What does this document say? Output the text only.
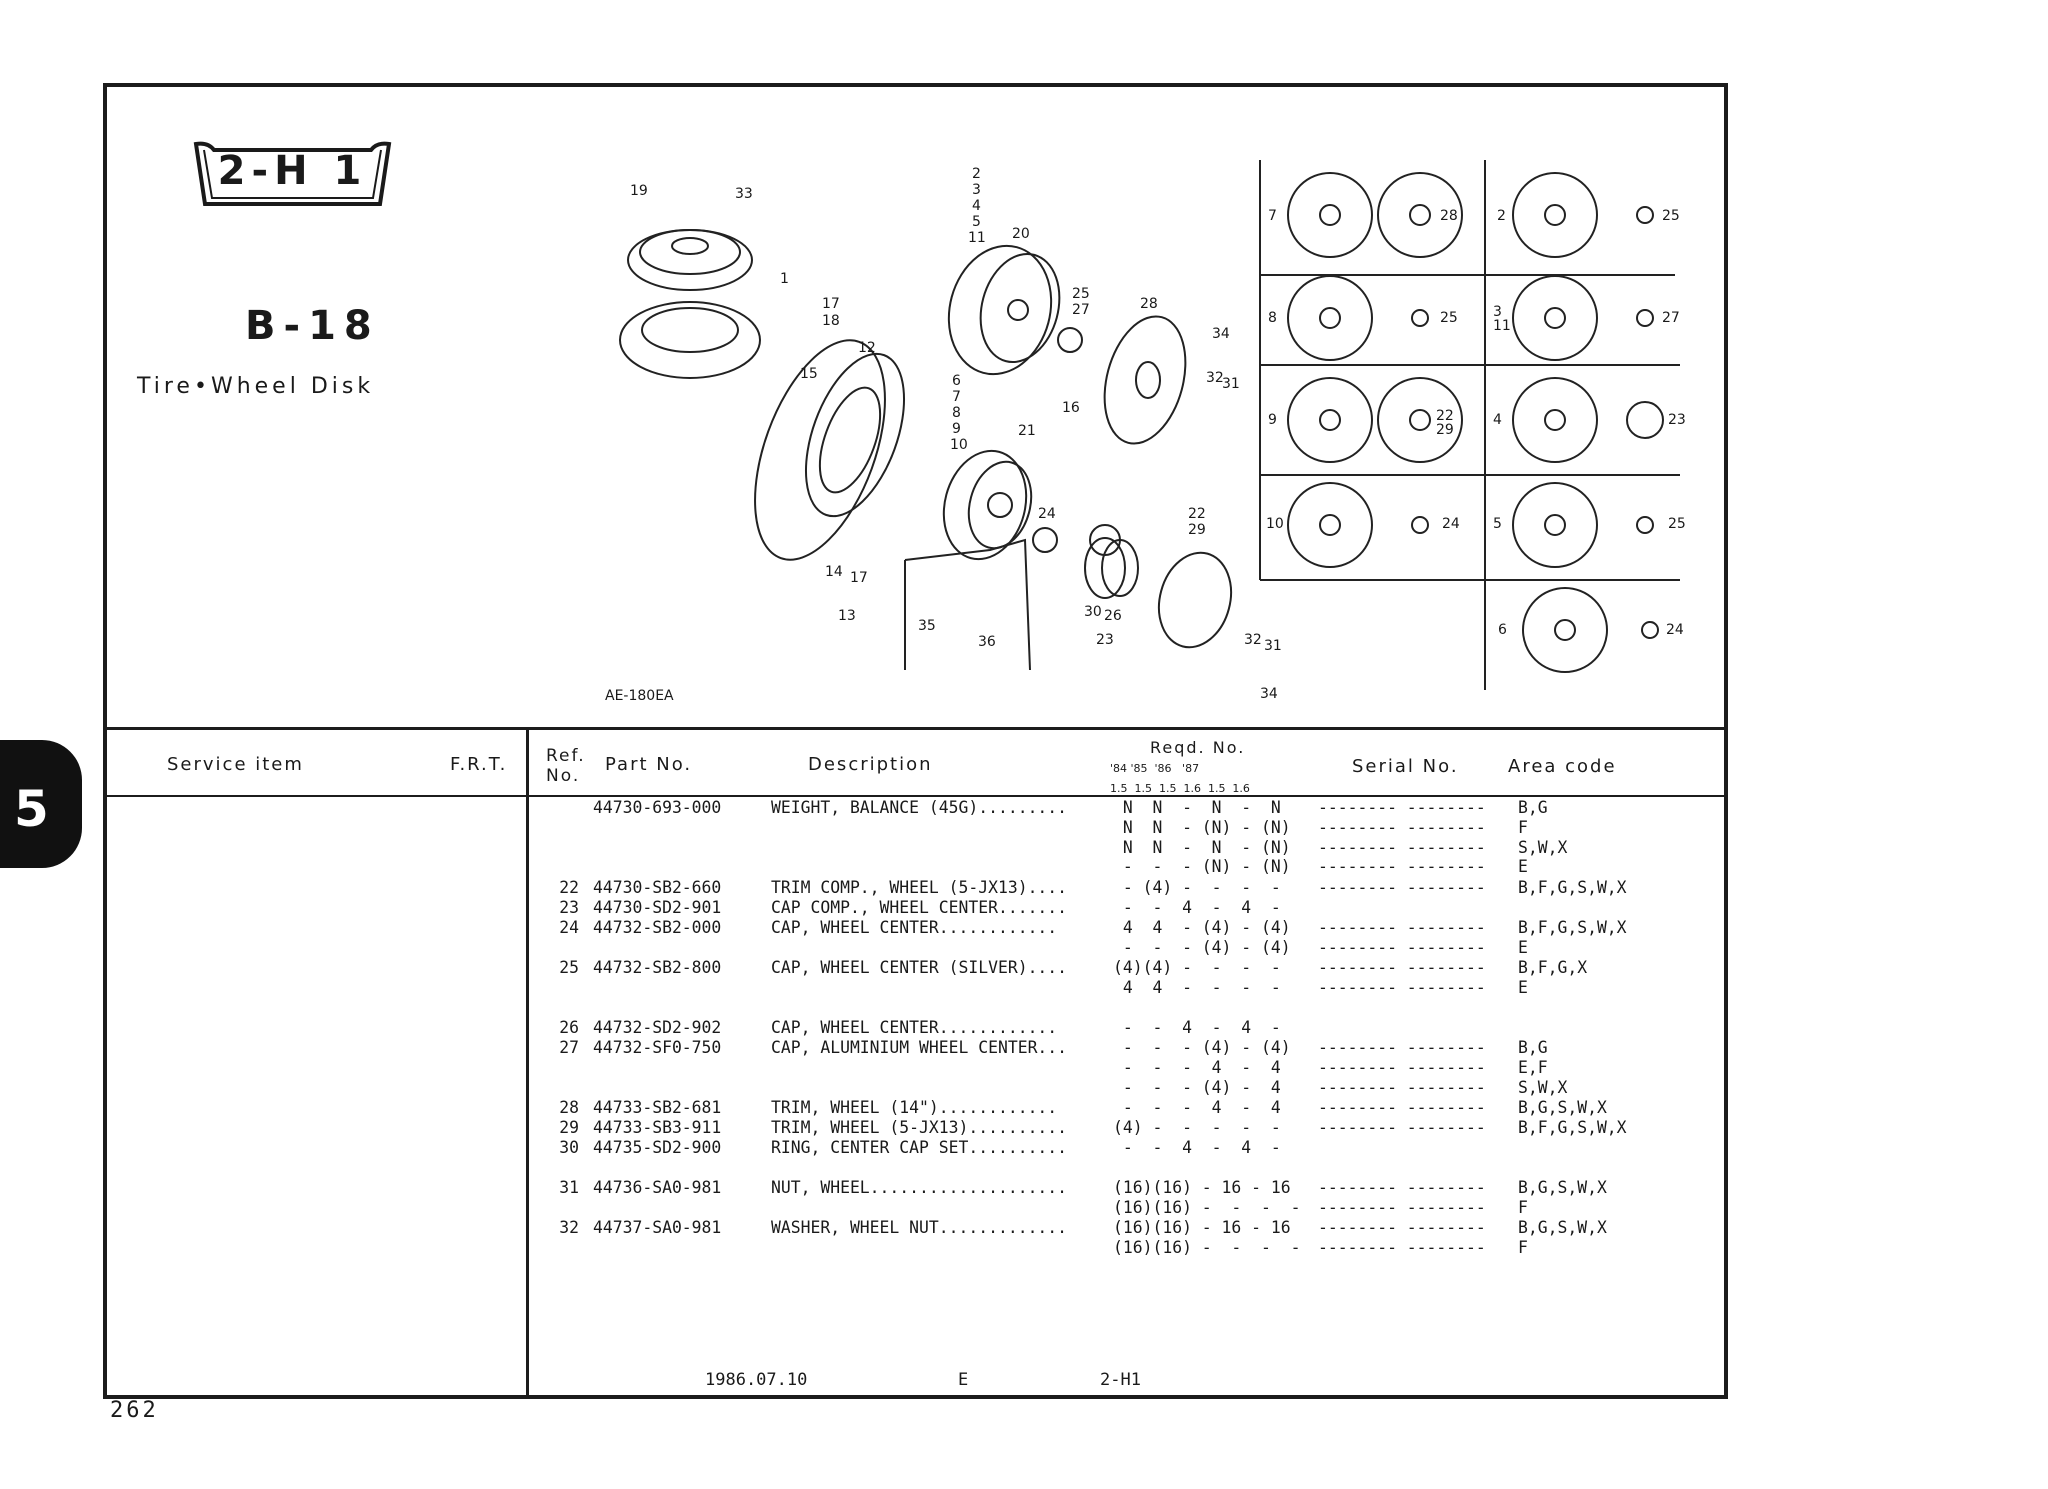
2-H 1
B-18
Tire•Wheel Disk
5
19	33
1
17
18
12
15
2
3
4
5
11 20
25
27
16
6
7
8
9
10
21
24
14 17
13
35
36
28
34
32
31
30 26
23
22
29
32 31
34
7	28	2	25
8	25	3
11	27
9	22
29
4	23
10	24 5	25
6	24
AE-180EA
Service item	F.R.T. Ref.
No.
Part No.	Description
Reqd. No.
'84 '85  '86   '87
1.5  1.5  1.5  1.6  1.5  1.6
Serial No.	Area code
44730-693-000	WEIGHT, BALANCE (45G).........	N  N  -  N  -  N -------- -------- B,G
N  N  - (N) - (N) -------- -------- F
N  N  -  N  - (N) -------- -------- S,W,X
-  -  - (N) - (N) -------- -------- E
22 44730-SB2-660	TRIM COMP., WHEEL (5-JX13)....	- (4) -  -  -  - -------- -------- B,F,G,S,W,X
23 44730-SD2-901	CAP COMP., WHEEL CENTER.......	-  -  4  -  4  -
24 44732-SB2-000	CAP, WHEEL CENTER............	4  4  - (4) - (4) -------- -------- B,F,G,S,W,X
-  -  - (4) - (4) -------- -------- E
25 44732-SB2-800	CAP, WHEEL CENTER (SILVER)....	(4)(4) -  -  -  - -------- -------- B,F,G,X
4  4  -  -  -  - -------- -------- E
26 44732-SD2-902	CAP, WHEEL CENTER............	-  -  4  -  4  -
27 44732-SF0-750	CAP, ALUMINIUM WHEEL CENTER...	-  -  - (4) - (4) -------- -------- B,G
-  -  -  4  -  4 -------- -------- E,F
-  -  - (4) -  4 -------- -------- S,W,X
28 44733-SB2-681	TRIM, WHEEL (14")............	-  -  -  4  -  4 -------- -------- B,G,S,W,X
29 44733-SB3-911	TRIM, WHEEL (5-JX13)..........	(4) -  -  -  -  - -------- -------- B,F,G,S,W,X
30 44735-SD2-900	RING, CENTER CAP SET..........	-  -  4  -  4  -
31 44736-SA0-981	NUT, WHEEL....................	(16)(16) - 16 - 16 -------- -------- B,G,S,W,X
(16)(16) -  -  -  - -------- -------- F
32 44737-SA0-981	WASHER, WHEEL NUT.............	(16)(16) - 16 - 16 -------- -------- B,G,S,W,X
(16)(16) -  -  -  - -------- -------- F
1986.07.10	E	2-H1
262
